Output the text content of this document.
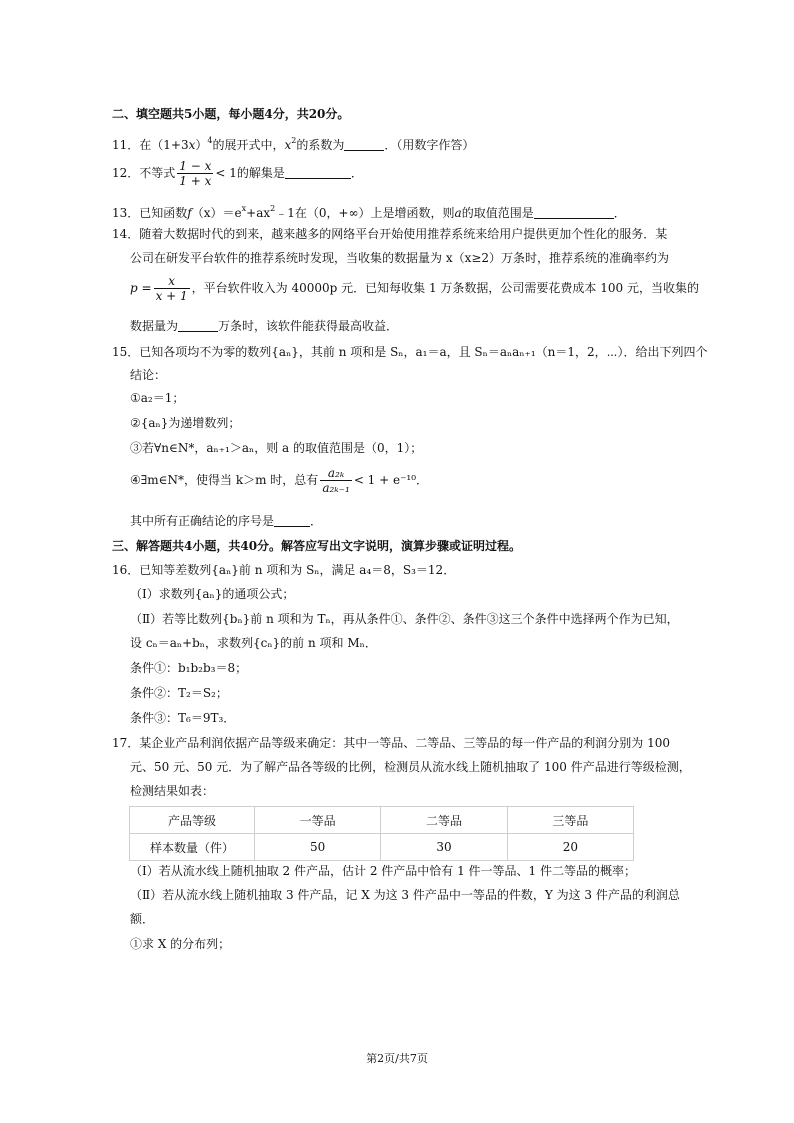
二、填空题共5小题，每小题4分，共20分。
11．在$(1+3x)^4$的展开式中，$x^2$的系数为	．（用数字作答）
12．不等式 $\frac{1 - x}{1 + x} < 1$的解集是	．
13．已知函数$f(x)=e^x+ax^2﹣1$在（0，+∞）上是增函数，则a的取值范围是	．
14．随着大数据时代的到来，越来越多的网络平台开始使用推荐系统来给用户提供更加个性化的服务．某
公司在研发平台软件的推荐系统时发现，当收集的数据量为 x（x≥2）万条时，推荐系统的准确率约为
$p = \frac{x}{x + 1}$ ，平台软件收入为 40000p 元．已知每收集 1 万条数据，公司需要花费成本 100 元，当收集的
数据量为	万条时，该软件能获得最高收益．
15．已知各项均不为零的数列{aₙ}，其前 n 项和是 Sₙ，a₁＝a，且 Sₙ＝aₙaₙ₊₁（n＝1，2，⋯）．给出下列四个
结论：
①a₂＝1；
②{aₙ}为递增数列；
③若∀n∈N*，aₙ₊₁＞aₙ，则 a 的取值范围是（0，1）；
④∃m∈N*，使得当 k＞m 时，总有 $\frac{\text{a₂ₖ}}{\text{a₂ₖ₋₁}} < 1 + e^{-10}$．
其中所有正确结论的序号是	．
三、解答题共4小题，共40分。解答应写出文字说明，演算步骤或证明过程。
16．已知等差数列{aₙ}前 n 项和为 Sₙ，满足 a₄＝8，S₃＝12．
（Ⅰ）求数列{aₙ}的通项公式；
（Ⅱ）若等比数列{bₙ}前 n 项和为 Tₙ，再从条件①、条件②、条件③这三个条件中选择两个作为已知，
设 cₙ＝aₙ+bₙ，求数列{cₙ}的前 n 项和 Mₙ．
条件①：b₁b₂b₃＝8；
条件②：T₂＝S₂；
条件③：T₆＝9T₃．
17．某企业产品利润依据产品等级来确定：其中一等品、二等品、三等品的每一件产品的利润分别为 100
元、50 元、50 元．为了解产品各等级的比例，检测员从流水线上随机抽取了 100 件产品进行等级检测，
检测结果如表：
产品等级	一等品	二等品	三等品
样本数量（件）	50	30	20
（Ⅰ）若从流水线上随机抽取 2 件产品，估计 2 件产品中恰有 1 件一等品、1 件二等品的概率；
（Ⅱ）若从流水线上随机抽取 3 件产品，记 X 为这 3 件产品中一等品的件数，Y 为这 3 件产品的利润总
额．
①求 X 的分布列；
第2页/共7页
